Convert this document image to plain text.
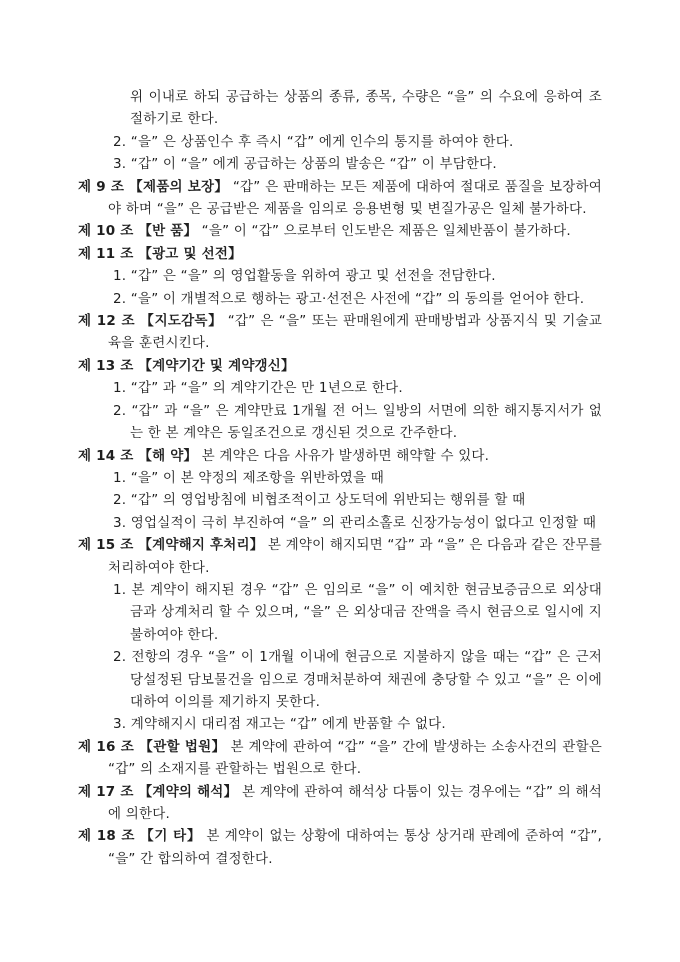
위 이내로 하되 공급하는 상품의 종류, 종목, 수량은 “을” 의 수요에 응하여 조절하기로 한다.

2. “을” 은 상품인수 후 즉시 “갑” 에게 인수의 통지를 하여야 한다.

3. “갑” 이 “을” 에게 공급하는 상품의 발송은 “갑” 이 부담한다.

제 9 조 【제품의 보장】 “갑” 은 판매하는 모든 제품에 대하여 절대로 품질을 보장하여야 하며 “을” 은 공급받은 제품을 임의로 응용변형 및 변질가공은 일체 불가하다.

제 10 조 【반 품】 “을” 이 “갑” 으로부터 인도받은 제품은 일체반품이 불가하다.

제 11 조 【광고 및 선전】

1. “갑” 은 “을” 의 영업활동을 위하여 광고 및 선전을 전담한다.

2. “을” 이 개별적으로 행하는 광고·선전은 사전에 “갑” 의 동의를 얻어야 한다.

제 12 조 【지도감독】 “갑” 은 “을” 또는 판매원에게 판매방법과 상품지식 및 기술교육을 훈련시킨다.

제 13 조 【계약기간 및 계약갱신】

1. “갑” 과 “을” 의 계약기간은 만 1년으로 한다.

2. “갑” 과 “을” 은 계약만료 1개월 전 어느 일방의 서면에 의한 해지통지서가 없는 한 본 계약은 동일조건으로 갱신된 것으로 간주한다.

제 14 조 【해 약】 본 계약은 다음 사유가 발생하면 해약할 수 있다.

1. “을” 이 본 약정의 제조항을 위반하였을 때

2. “갑” 의 영업방침에 비협조적이고 상도덕에 위반되는 행위를 할 때

3. 영업실적이 극히 부진하여 “을” 의 관리소홀로 신장가능성이 없다고 인정할 때

제 15 조 【계약해지 후처리】 본 계약이 해지되면 “갑” 과 “을” 은 다음과 같은 잔무를 처리하여야 한다.

1. 본 계약이 해지된 경우 “갑” 은 임의로 “을” 이 예치한 현금보증금으로 외상대금과 상계처리 할 수 있으며, “을” 은 외상대금 잔액을 즉시 현금으로 일시에 지불하여야 한다.

2. 전항의 경우 “을” 이 1개월 이내에 현금으로 지불하지 않을 때는 “갑” 은 근저당설정된 담보물건을 임으로 경매처분하여 채권에 충당할 수 있고 “을” 은 이에 대하여 이의를 제기하지 못한다.

3. 계약해지시 대리점 재고는 “갑” 에게 반품할 수 없다.

제 16 조 【관할 법원】 본 계약에 관하여 “갑” “을” 간에 발생하는 소송사건의 관할은 “갑” 의 소재지를 관할하는 법원으로 한다.

제 17 조 【계약의 해석】 본 계약에 관하여 해석상 다툼이 있는 경우에는 “갑” 의 해석에 의한다.

제 18 조 【기 타】 본 계약이 없는 상황에 대하여는 통상 상거래 판례에 준하여 “갑”, “을” 간 합의하여 결정한다.
